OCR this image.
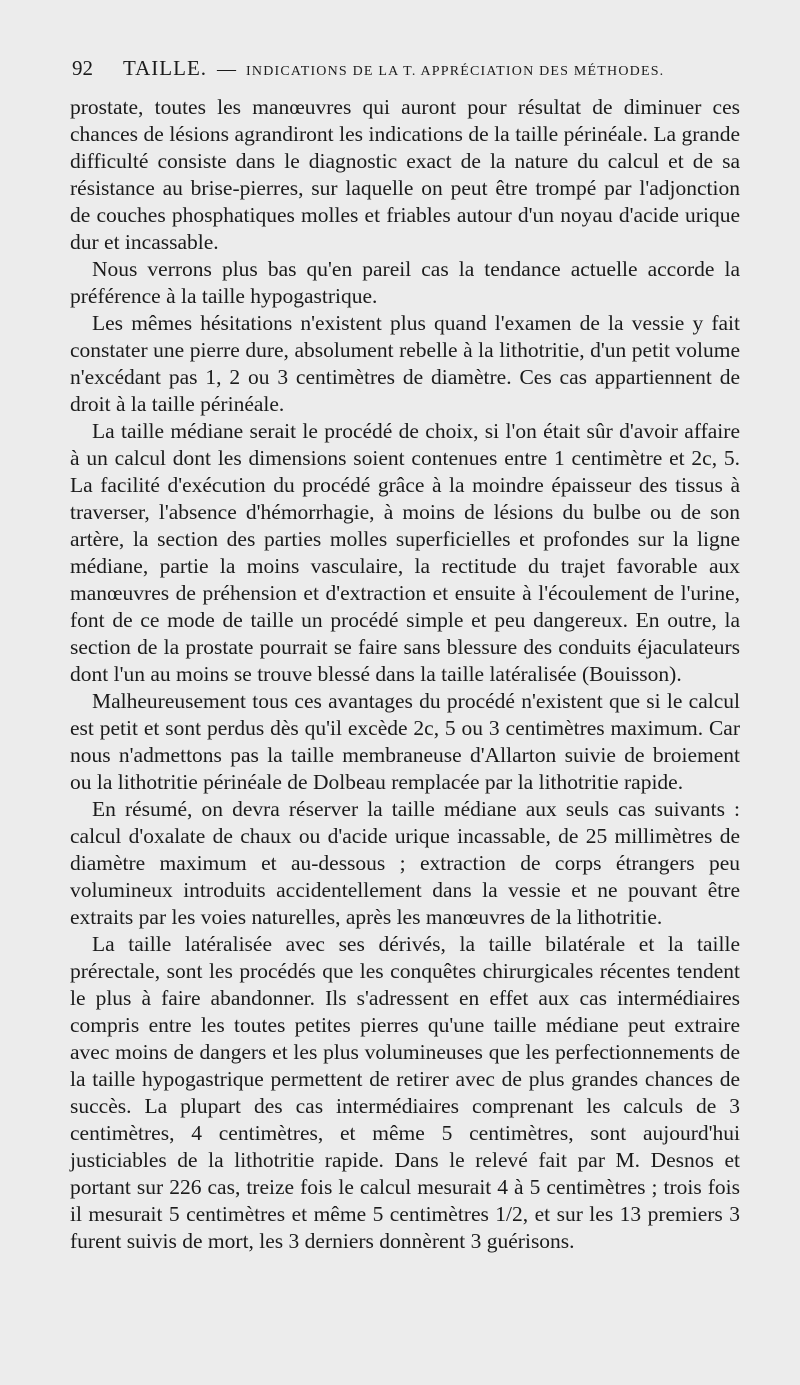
92 TAILLE. — INDICATIONS DE LA T. APPRÉCIATION DES MÉTHODES.

prostate, toutes les manœuvres qui auront pour résultat de diminuer ces chances de lésions agrandiront les indications de la taille périnéale. La grande difficulté consiste dans le diagnostic exact de la nature du calcul et de sa résistance au brise-pierres, sur laquelle on peut être trompé par l'adjonction de couches phosphatiques molles et friables autour d'un noyau d'acide urique dur et incassable.

Nous verrons plus bas qu'en pareil cas la tendance actuelle accorde la préférence à la taille hypogastrique.

Les mêmes hésitations n'existent plus quand l'examen de la vessie y fait constater une pierre dure, absolument rebelle à la lithotritie, d'un petit volume n'excédant pas 1, 2 ou 3 centimètres de diamètre. Ces cas appartiennent de droit à la taille périnéale.

La taille médiane serait le procédé de choix, si l'on était sûr d'avoir affaire à un calcul dont les dimensions soient contenues entre 1 centimètre et 2c, 5. La facilité d'exécution du procédé grâce à la moindre épaisseur des tissus à traverser, l'absence d'hémorrhagie, à moins de lésions du bulbe ou de son artère, la section des parties molles superficielles et profondes sur la ligne médiane, partie la moins vasculaire, la rectitude du trajet favorable aux manœuvres de préhension et d'extraction et ensuite à l'écoulement de l'urine, font de ce mode de taille un procédé simple et peu dangereux. En outre, la section de la prostate pourrait se faire sans blessure des conduits éjaculateurs dont l'un au moins se trouve blessé dans la taille latéralisée (Bouisson).

Malheureusement tous ces avantages du procédé n'existent que si le calcul est petit et sont perdus dès qu'il excède 2c, 5 ou 3 centimètres maximum. Car nous n'admettons pas la taille membraneuse d'Allarton suivie de broiement ou la lithotritie périnéale de Dolbeau remplacée par la lithotritie rapide.

En résumé, on devra réserver la taille médiane aux seuls cas suivants : calcul d'oxalate de chaux ou d'acide urique incassable, de 25 millimètres de diamètre maximum et au-dessous ; extraction de corps étrangers peu volumineux introduits accidentellement dans la vessie et ne pouvant être extraits par les voies naturelles, après les manœuvres de la lithotritie.

La taille latéralisée avec ses dérivés, la taille bilatérale et la taille prérectale, sont les procédés que les conquêtes chirurgicales récentes tendent le plus à faire abandonner. Ils s'adressent en effet aux cas intermédiaires compris entre les toutes petites pierres qu'une taille médiane peut extraire avec moins de dangers et les plus volumineuses que les perfectionnements de la taille hypogastrique permettent de retirer avec de plus grandes chances de succès. La plupart des cas intermédiaires comprenant les calculs de 3 centimètres, 4 centimètres, et même 5 centimètres, sont aujourd'hui justiciables de la lithotritie rapide. Dans le relevé fait par M. Desnos et portant sur 226 cas, treize fois le calcul mesurait 4 à 5 centimètres ; trois fois il mesurait 5 centimètres et même 5 centimètres 1/2, et sur les 13 premiers 3 furent suivis de mort, les 3 derniers donnèrent 3 guérisons.
